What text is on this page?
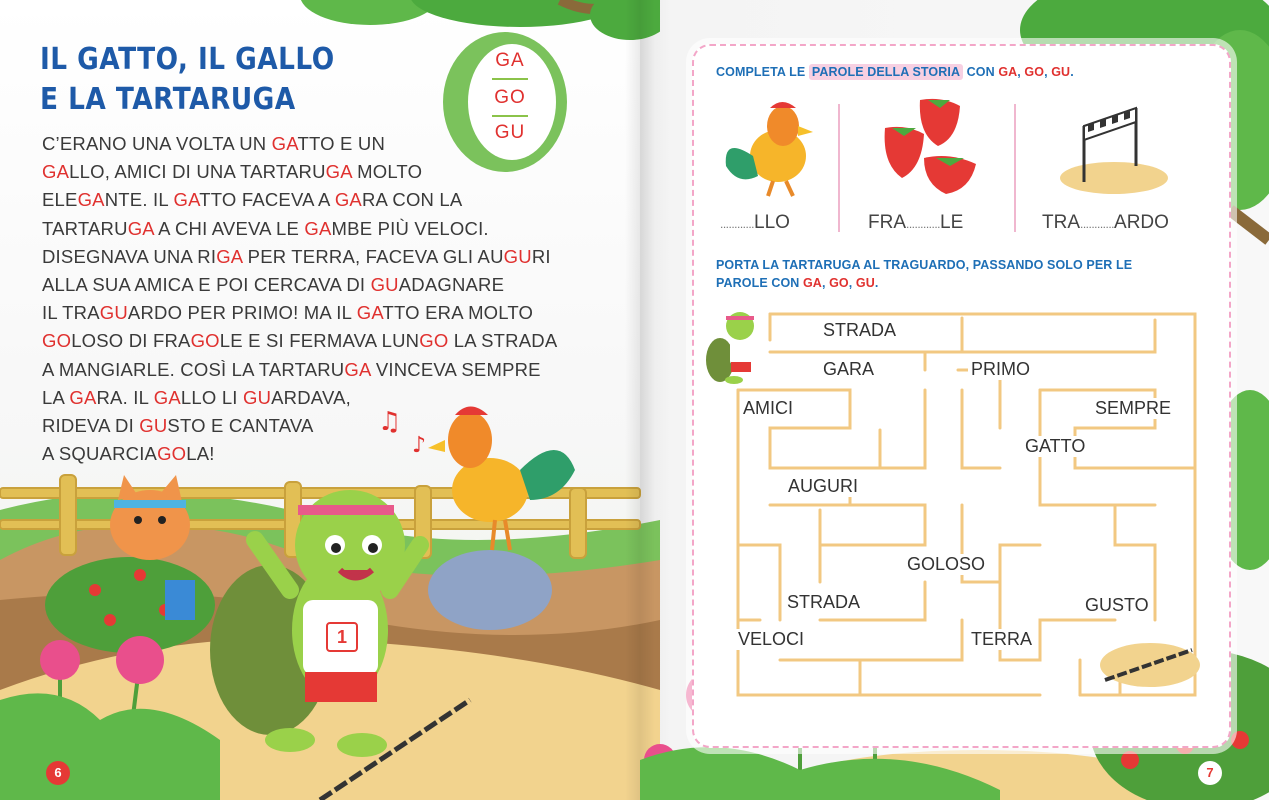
♫
♪
GA
GO
GU
IL GATTO, IL GALLO
E LA TARTARUGA
C’ERANO UNA VOLTA UN GATTO E UN
GALLO, AMICI DI UNA TARTARUGA MOLTO
ELEGANTE. IL GATTO FACEVA A GARA CON LA
TARTARUGA A CHI AVEVA LE GAMBE PIÙ VELOCI.
DISEGNAVA UNA RIGA PER TERRA, FACEVA GLI AUGURI
ALLA SUA AMICA E POI CERCAVA DI GUADAGNARE
IL TRAGUARDO PER PRIMO! MA IL GATTO ERA MOLTO
GOLOSO DI FRAGOLE E SI FERMAVA LUNGO LA STRADA
A MANGIARLE. COSÌ LA TARTARUGA VINCEVA SEMPRE
LA GARA. IL GALLO LI GUARDAVA,
RIDEVA DI GUSTO E CANTAVA
A SQUARCIAGOLA!
1
6
COMPLETA LE PAROLE DELLA STORIA CON GA, GO, GU.
............LLO	FRA............LE	TRA............ARDO
PORTA LA TARTARUGA AL TRAGUARDO, PASSANDO SOLO PER LE
PAROLE CON GA, GO, GU.
STRADA
GARA	PRIMO
AMICI	SEMPRE
GATTO
AUGURI
GOLOSO
STRADA	GUSTO
VELOCI	TERRA
7
